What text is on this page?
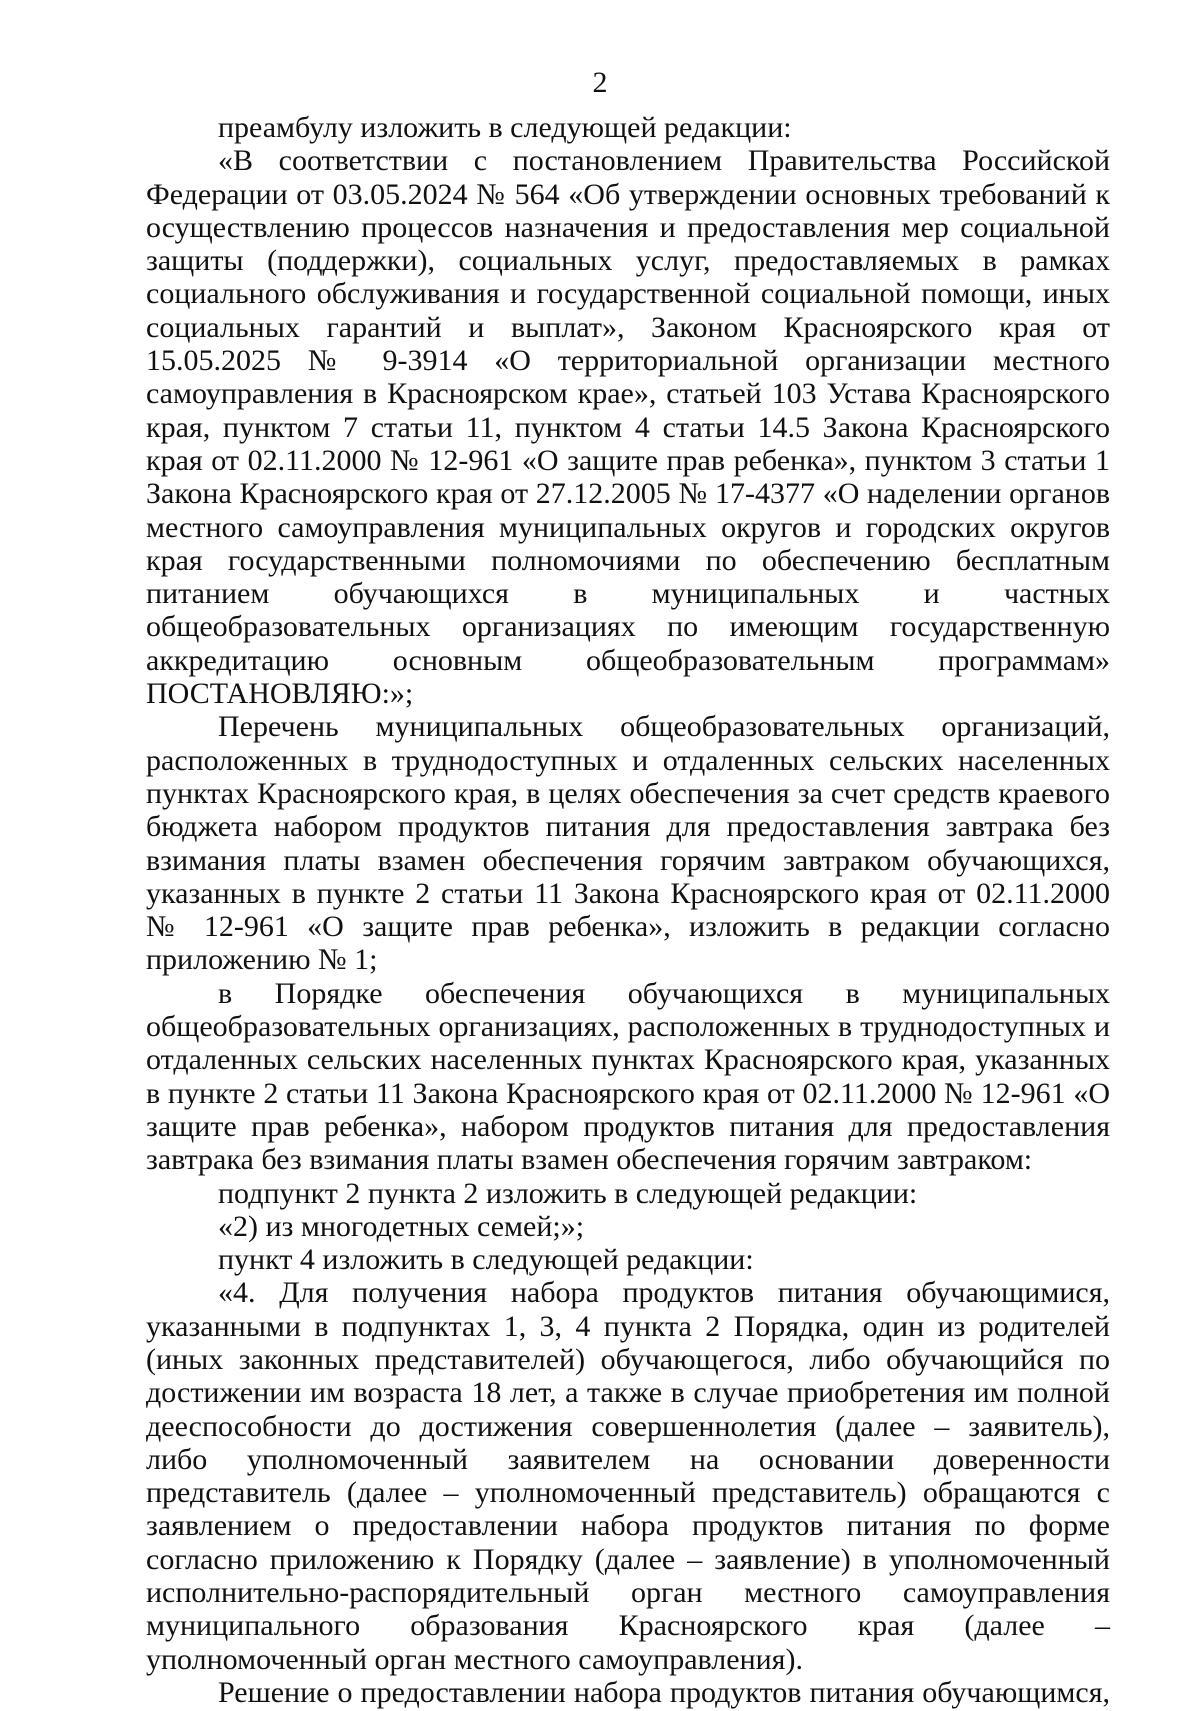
2

преамбулу изложить в следующей редакции:

«В соответствии с постановлением Правительства Российской Федерации от 03.05.2024 № 564 «Об утверждении основных требований к осуществлению процессов назначения и предоставления мер социальной защиты (поддержки), социальных услуг, предоставляемых в рамках социального обслуживания и государственной социальной помощи, иных социальных гарантий и выплат», Законом Красноярского края от 15.05.2025 № 9-3914 «О территориальной организации местного самоуправления в Красноярском крае», статьей 103 Устава Красноярского края, пунктом 7 статьи 11, пунктом 4 статьи 14.5 Закона Красноярского края от 02.11.2000 № 12-961 «О защите прав ребенка», пунктом 3 статьи 1 Закона Красноярского края от 27.12.2005 № 17-4377 «О наделении органов местного самоуправления муниципальных округов и городских округов края государственными полномочиями по обеспечению бесплатным питанием обучающихся в муниципальных и частных общеобразовательных организациях по имеющим государственную аккредитацию основным общеобразовательным программам» ПОСТАНОВЛЯЮ:»;

Перечень муниципальных общеобразовательных организаций, расположенных в труднодоступных и отдаленных сельских населенных пунктах Красноярского края, в целях обеспечения за счет средств краевого бюджета набором продуктов питания для предоставления завтрака без взимания платы взамен обеспечения горячим завтраком обучающихся, указанных в пункте 2 статьи 11 Закона Красноярского края от 02.11.2000 № 12-961 «О защите прав ребенка», изложить в редакции согласно приложению № 1;

в Порядке обеспечения обучающихся в муниципальных общеобразовательных организациях, расположенных в труднодоступных и отдаленных сельских населенных пунктах Красноярского края, указанных в пункте 2 статьи 11 Закона Красноярского края от 02.11.2000 № 12-961 «О защите прав ребенка», набором продуктов питания для предоставления завтрака без взимания платы взамен обеспечения горячим завтраком:

подпункт 2 пункта 2 изложить в следующей редакции:

«2) из многодетных семей;»;

пункт 4 изложить в следующей редакции:

«4. Для получения набора продуктов питания обучающимися, указанными в подпунктах 1, 3, 4 пункта 2 Порядка, один из родителей (иных законных представителей) обучающегося, либо обучающийся по достижении им возраста 18 лет, а также в случае приобретения им полной дееспособности до достижения совершеннолетия (далее – заявитель), либо уполномоченный заявителем на основании доверенности представитель (далее – уполномоченный представитель) обращаются с заявлением о предоставлении набора продуктов питания по форме согласно приложению к Порядку (далее – заявление) в уполномоченный исполнительно-распорядительный орган местного самоуправления муниципального образования Красноярского края (далее – уполномоченный орган местного самоуправления).

Решение о предоставлении набора продуктов питания обучающимся,
